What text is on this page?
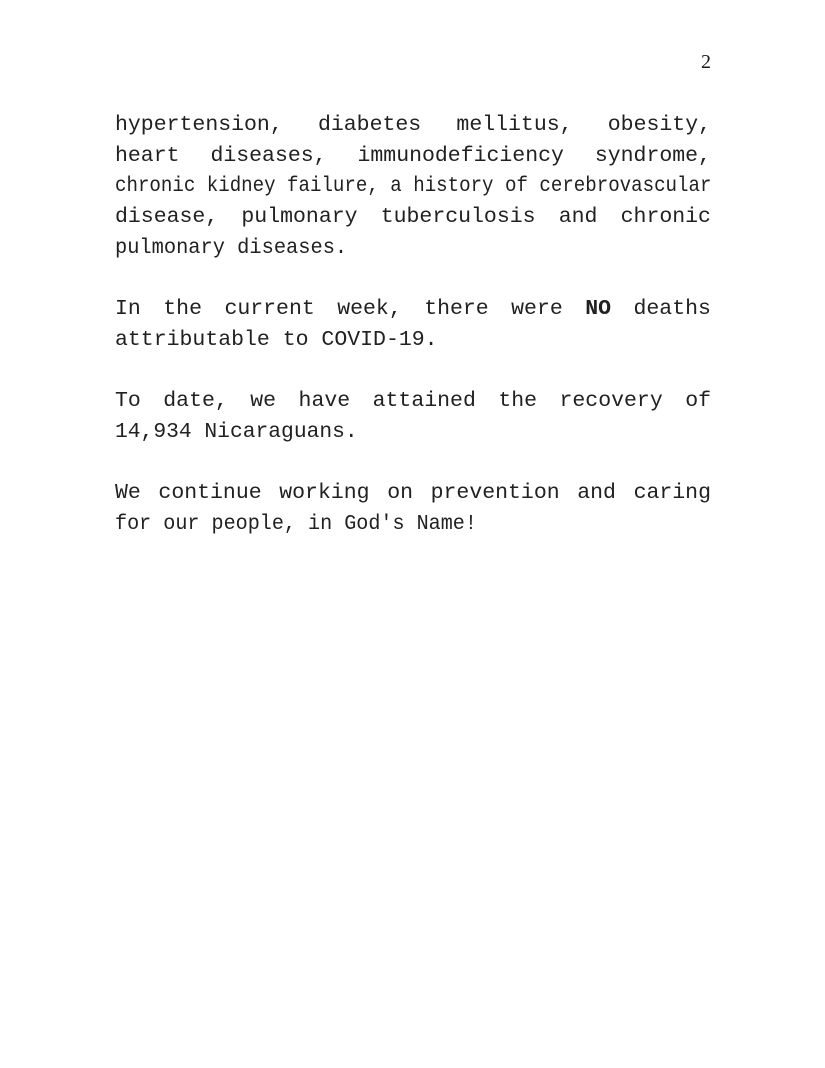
2
hypertension, diabetes mellitus, obesity,
heart diseases, immunodeficiency syndrome,
chronic kidney failure, a history of cerebrovascular
disease, pulmonary tuberculosis and chronic
pulmonary diseases.
In the current week, there were NO deaths
attributable to COVID-19.
To date, we have attained the recovery of
14,934 Nicaraguans.
We continue working on prevention and caring
for our people, in God's Name!
